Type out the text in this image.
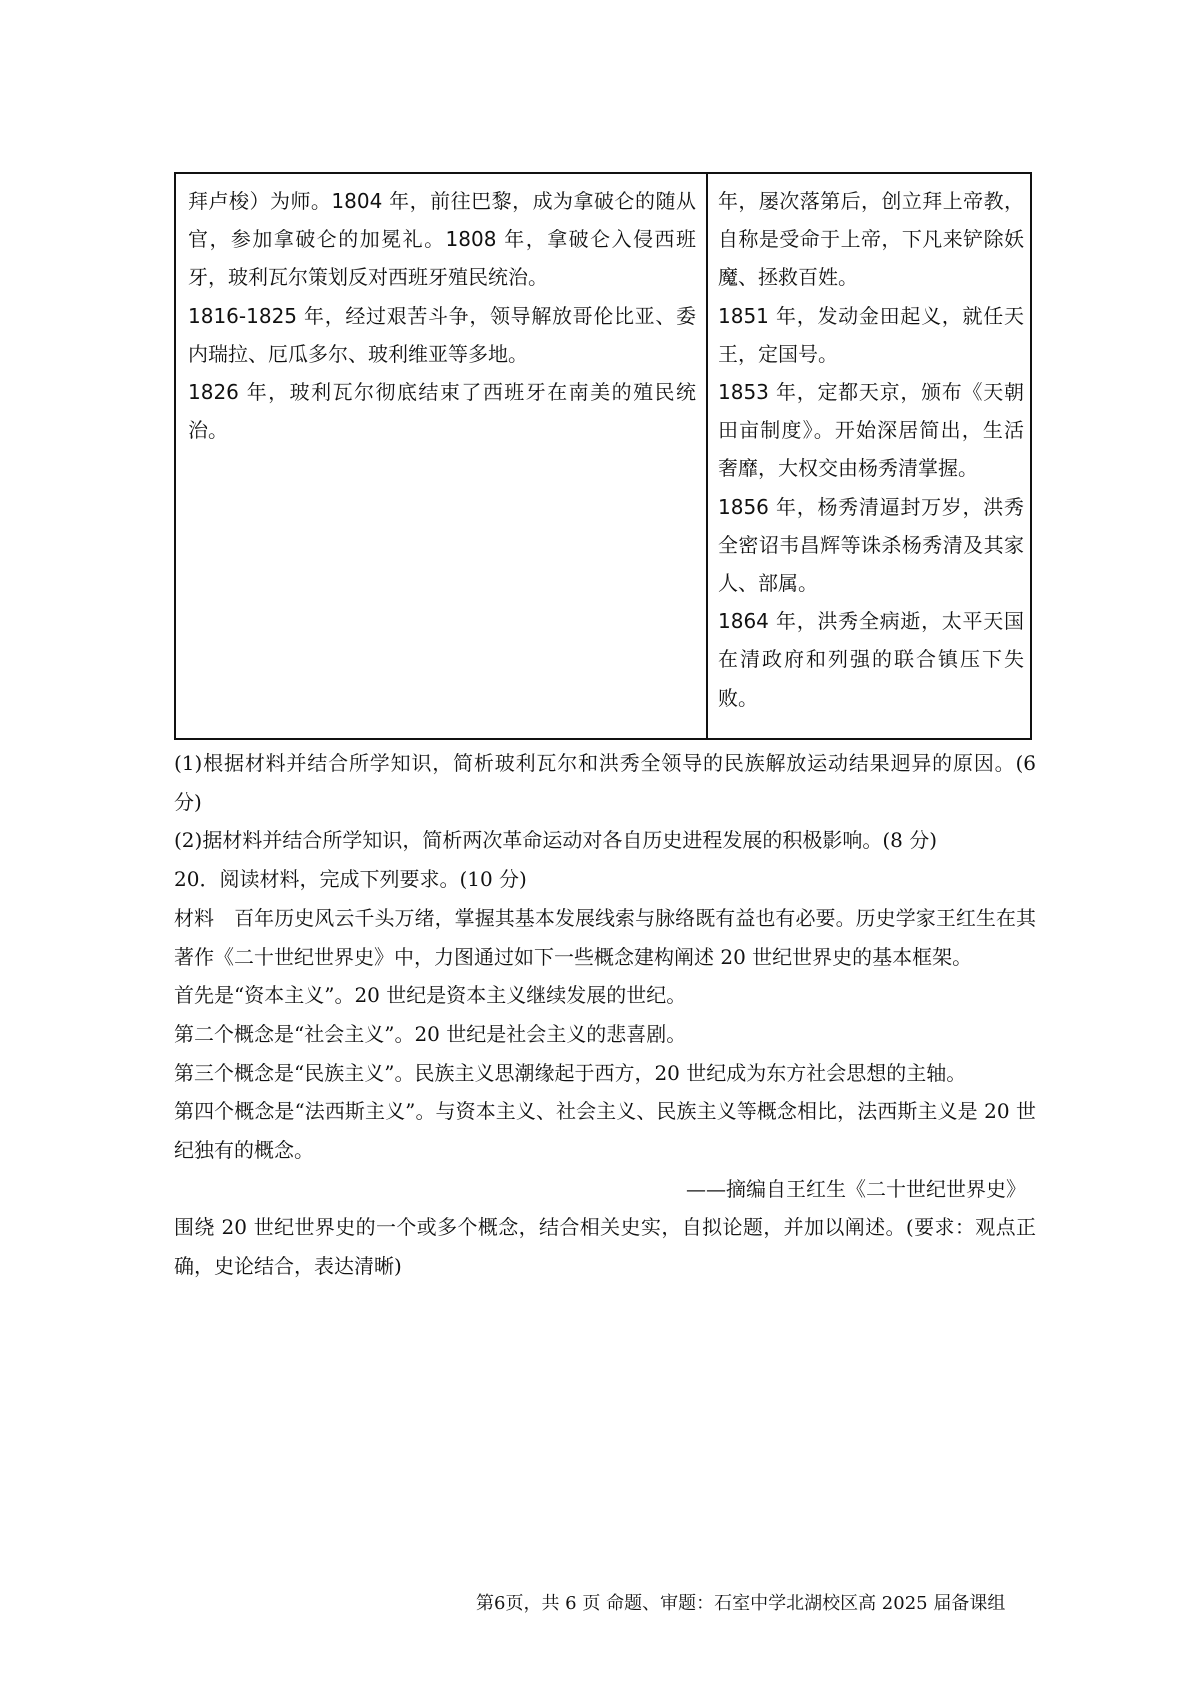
拜卢梭）为师。1804 年，前往巴黎，成为拿破仑的随从官，参加拿破仑的加冕礼。1808 年，拿破仑入侵西班牙，玻利瓦尔策划反对西班牙殖民统治。

1816-1825 年，经过艰苦斗争，领导解放哥伦比亚、委内瑞拉、厄瓜多尔、玻利维亚等多地。

1826 年，玻利瓦尔彻底结束了西班牙在南美的殖民统治。

年，屡次落第后，创立拜上帝教，自称是受命于上帝，下凡来铲除妖魔、拯救百姓。

1851 年，发动金田起义，就任天王，定国号。

1853 年，定都天京，颁布《天朝田亩制度》。开始深居简出，生活奢靡，大权交由杨秀清掌握。

1856 年，杨秀清逼封万岁，洪秀全密诏韦昌辉等诛杀杨秀清及其家人、部属。

1864 年，洪秀全病逝，太平天国在清政府和列强的联合镇压下失败。

(1)根据材料并结合所学知识，简析玻利瓦尔和洪秀全领导的民族解放运动结果迥异的原因。(6 分)

(2)据材料并结合所学知识，简析两次革命运动对各自历史进程发展的积极影响。(8 分)

20．阅读材料，完成下列要求。(10 分)

材料 百年历史风云千头万绪，掌握其基本发展线索与脉络既有益也有必要。历史学家王红生在其著作《二十世纪世界史》中，力图通过如下一些概念建构阐述 20 世纪世界史的基本框架。

首先是“资本主义”。20 世纪是资本主义继续发展的世纪。

第二个概念是“社会主义”。20 世纪是社会主义的悲喜剧。

第三个概念是“民族主义”。民族主义思潮缘起于西方，20 世纪成为东方社会思想的主轴。

第四个概念是“法西斯主义”。与资本主义、社会主义、民族主义等概念相比，法西斯主义是 20 世纪独有的概念。

——摘编自王红生《二十世纪世界史》

围绕 20 世纪世界史的一个或多个概念，结合相关史实，自拟论题，并加以阐述。(要求：观点正确，史论结合，表达清晰)

第6页，共 6 页 命题、审题：石室中学北湖校区高 2025 届备课组
